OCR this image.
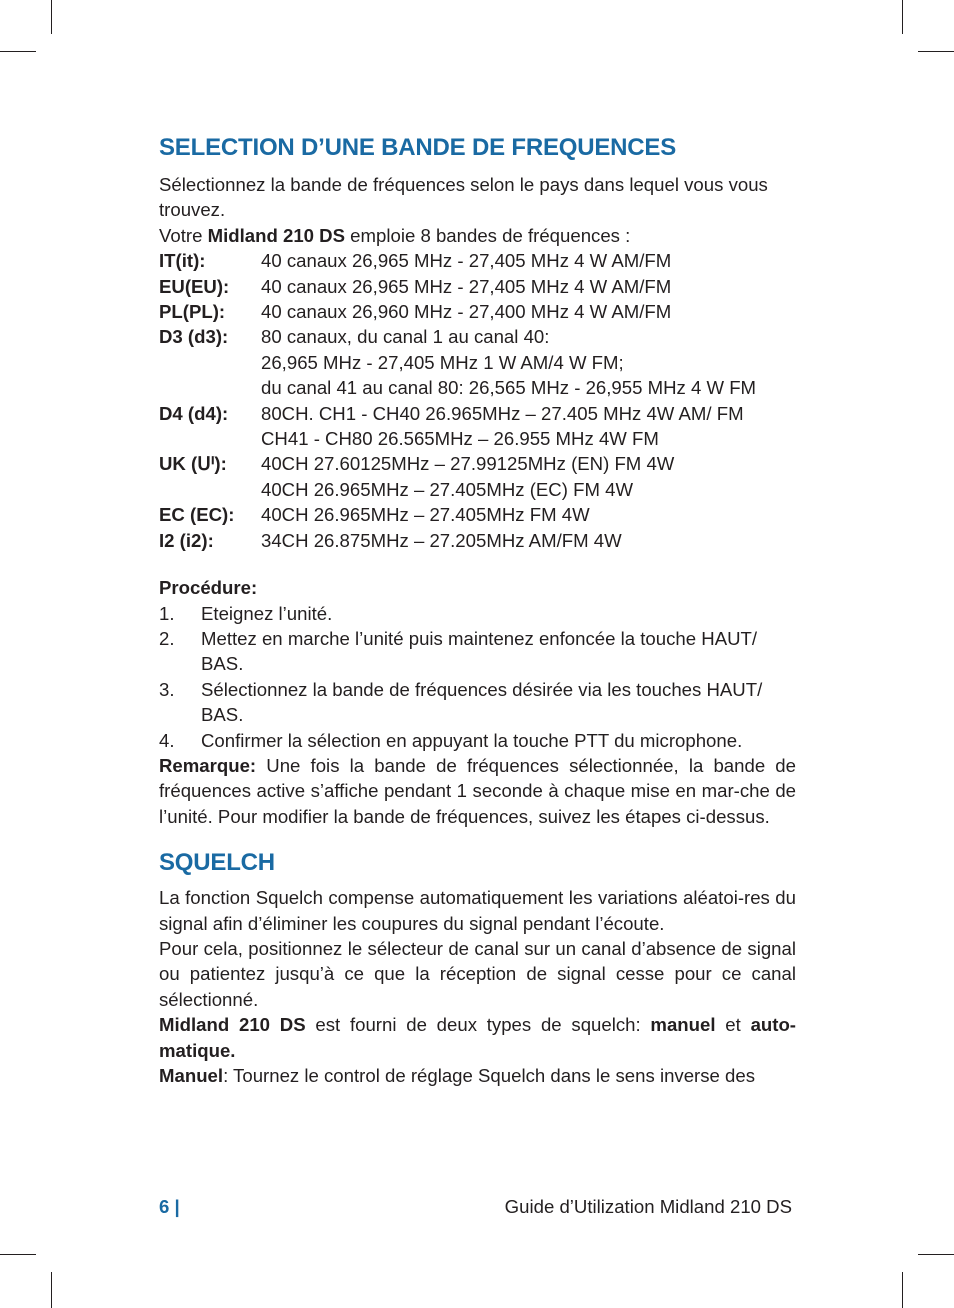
SELECTION D’UNE BANDE DE FREQUENCES

Sélectionnez la bande de fréquences selon le pays dans lequel vous vous trouvez.

Votre Midland 210 DS emploie 8 bandes de fréquences :

IT(it):	40 canaux 26,965 MHz - 27,405 MHz 4 W AM/FM
EU(EU):	40 canaux 26,965 MHz - 27,405 MHz 4 W AM/FM
PL(PL):	40 canaux 26,960 MHz - 27,400 MHz 4 W AM/FM
D3 (d3):	80 canaux, du canal 1 au canal 40:
26,965 MHz - 27,405 MHz 1 W AM/4 W FM;
du canal 41 au canal 80: 26,565 MHz - 26,955 MHz 4 W FM
D4 (d4):	80CH. CH1 - CH40 26.965MHz – 27.405 MHz 4W AM/ FM
CH41 - CH80 26.565MHz – 26.955 MHz 4W FM
UK (ᑌᑊ):	40CH 27.60125MHz – 27.99125MHz (EN) FM 4W
40CH 26.965MHz – 27.405MHz (EC) FM 4W
EC (EC):	40CH 26.965MHz – 27.405MHz FM 4W
I2 (i2):	34CH 26.875MHz – 27.205MHz AM/FM 4W

Procédure:

1.	Eteignez l’unité.
2.	Mettez en marche l’unité puis maintenez enfoncée la touche HAUT/ BAS.
3.	Sélectionnez la bande de fréquences désirée via les touches HAUT/ BAS.
4.	Confirmer la sélection en appuyant la touche PTT du microphone.

Remarque: Une fois la bande de fréquences sélectionnée, la bande de fréquences active s’affiche pendant 1 seconde à chaque mise en mar-che de l’unité. Pour modifier la bande de fréquences, suivez les étapes ci-dessus.

SQUELCH

La fonction Squelch compense automatiquement les variations aléatoi-res du signal afin d’éliminer les coupures du signal pendant l’écoute.

Pour cela, positionnez le sélecteur de canal sur un canal d’absence de signal ou patientez jusqu’à ce que la réception de signal cesse pour ce canal sélectionné.

Midland 210 DS est fourni de deux types de squelch: manuel et auto-matique.

Manuel: Tournez le control de réglage Squelch dans le sens inverse des

6 |	Guide d’Utilization Midland 210 DS
